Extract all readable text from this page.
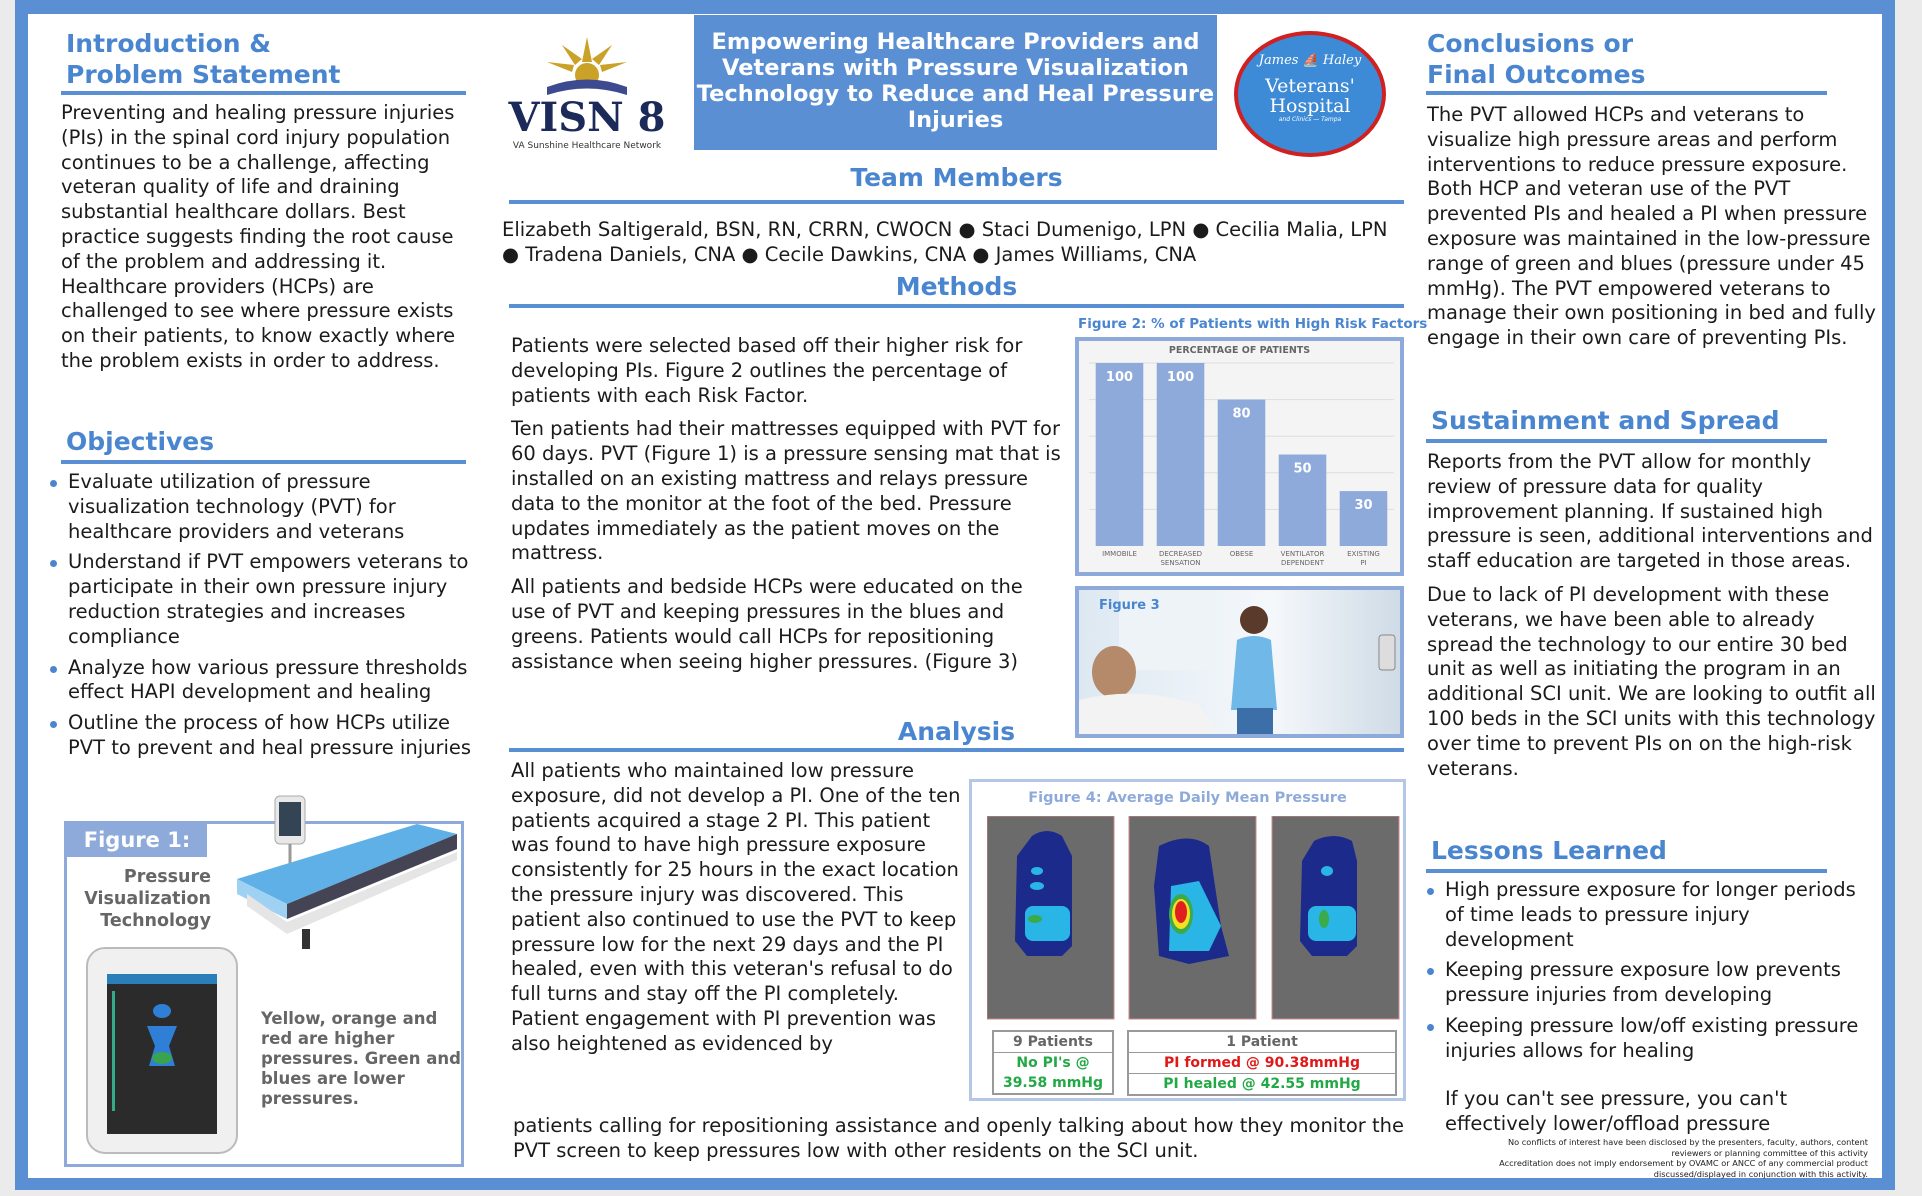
Introduction & Problem Statement
Preventing and healing pressure injuries (PIs) in the spinal cord injury population continues to be a challenge, affecting veteran quality of life and draining substantial healthcare dollars. Best practice suggests finding the root cause of the problem and addressing it. Healthcare providers (HCPs) are challenged to see where pressure exists on their patients, to know exactly where the problem exists in order to address.
Objectives
Evaluate utilization of pressure visualization technology (PVT) for healthcare providers and veterans
Understand if PVT empowers veterans to participate in their own pressure injury reduction strategies and increases compliance
Analyze how various pressure thresholds effect HAPI development and healing
Outline the process of how HCPs utilize PVT to prevent and heal pressure injuries
Figure 1:
Pressure Visualization Technology
Yellow, orange and red are higher pressures. Green and blues are lower pressures.
VISN 8
VA Sunshine Healthcare Network
Empowering Healthcare Providers and Veterans with Pressure Visualization Technology to Reduce and Heal Pressure Injuries
James ⛵ Haley
Veterans'
Hospital
and Clinics — Tampa
Team Members
Elizabeth Saltigerald, BSN, RN, CRRN, CWOCN ● Staci Dumenigo, LPN ● Cecilia Malia, LPN ● Tradena Daniels, CNA ● Cecile Dawkins, CNA ● James Williams, CNA
Methods

Patients were selected based off their higher risk for developing PIs. Figure 2 outlines the percentage of patients with each Risk Factor.

Ten patients had their mattresses equipped with PVT for 60 days. PVT (Figure 1) is a pressure sensing mat that is installed on an existing mattress and relays pressure data to the monitor at the foot of the bed. Pressure updates immediately as the patient moves on the mattress.

All patients and bedside HCPs were educated on the use of PVT and keeping pressures in the blues and greens. Patients would call HCPs for repositioning assistance when seeing higher pressures. (Figure 3)

Figure 2: % of Patients with High Risk Factors
PERCENTAGE OF PATIENTS
100
IMMOBILE
100
DECREASED
SENSATION
80
OBESE
50
VENTILATOR
DEPENDENT
30
EXISTING
PI
Figure 3
Analysis
All patients who maintained low pressure exposure, did not develop a PI. One of the ten patients acquired a stage 2 PI. This patient was found to have high pressure exposure consistently for 25 hours in the exact location the pressure injury was discovered. This patient also continued to use the PVT to keep pressure low for the next 29 days and the PI healed, even with this veteran's refusal to do full turns and stay off the PI completely.
Patient engagement with PI prevention was also heightened as evidenced by
patients calling for repositioning assistance and openly talking about how they monitor the PVT screen to keep pressures low with other residents on the SCI unit.
Figure 4: Average Daily Mean Pressure
9 Patients
No PI's @
39.58 mmHg
1 Patient
PI formed @ 90.38mmHg
PI healed @ 42.55 mmHg
Conclusions or Final Outcomes
The PVT allowed HCPs and veterans to visualize high pressure areas and perform interventions to reduce pressure exposure. Both HCP and veteran use of the PVT prevented PIs and healed a PI when pressure exposure was maintained in the low-pressure range of green and blues (pressure under 45 mmHg). The PVT empowered veterans to manage their own positioning in bed and fully engage in their own care of preventing PIs.
Sustainment and Spread

Reports from the PVT allow for monthly review of pressure data for quality improvement planning. If sustained high pressure is seen, additional interventions and staff education are targeted in those areas.

Due to lack of PI development with these veterans, we have been able to already spread the technology to our entire 30 bed unit as well as initiating the program in an additional SCI unit. We are looking to outfit all 100 beds in the SCI units with this technology over time to prevent PIs on on the high-risk veterans.

Lessons Learned
High pressure exposure for longer periods of time leads to pressure injury development
Keeping pressure exposure low prevents pressure injuries from developing
Keeping pressure low/off existing pressure injuries allows for healing
If you can't see pressure, you can't effectively lower/offload pressure
No conflicts of interest have been disclosed by the presenters, faculty, authors, content reviewers or planning committee of this activity
Accreditation does not imply endorsement by OVAMC or ANCC of any commercial product discussed/displayed in conjunction with this activity.
